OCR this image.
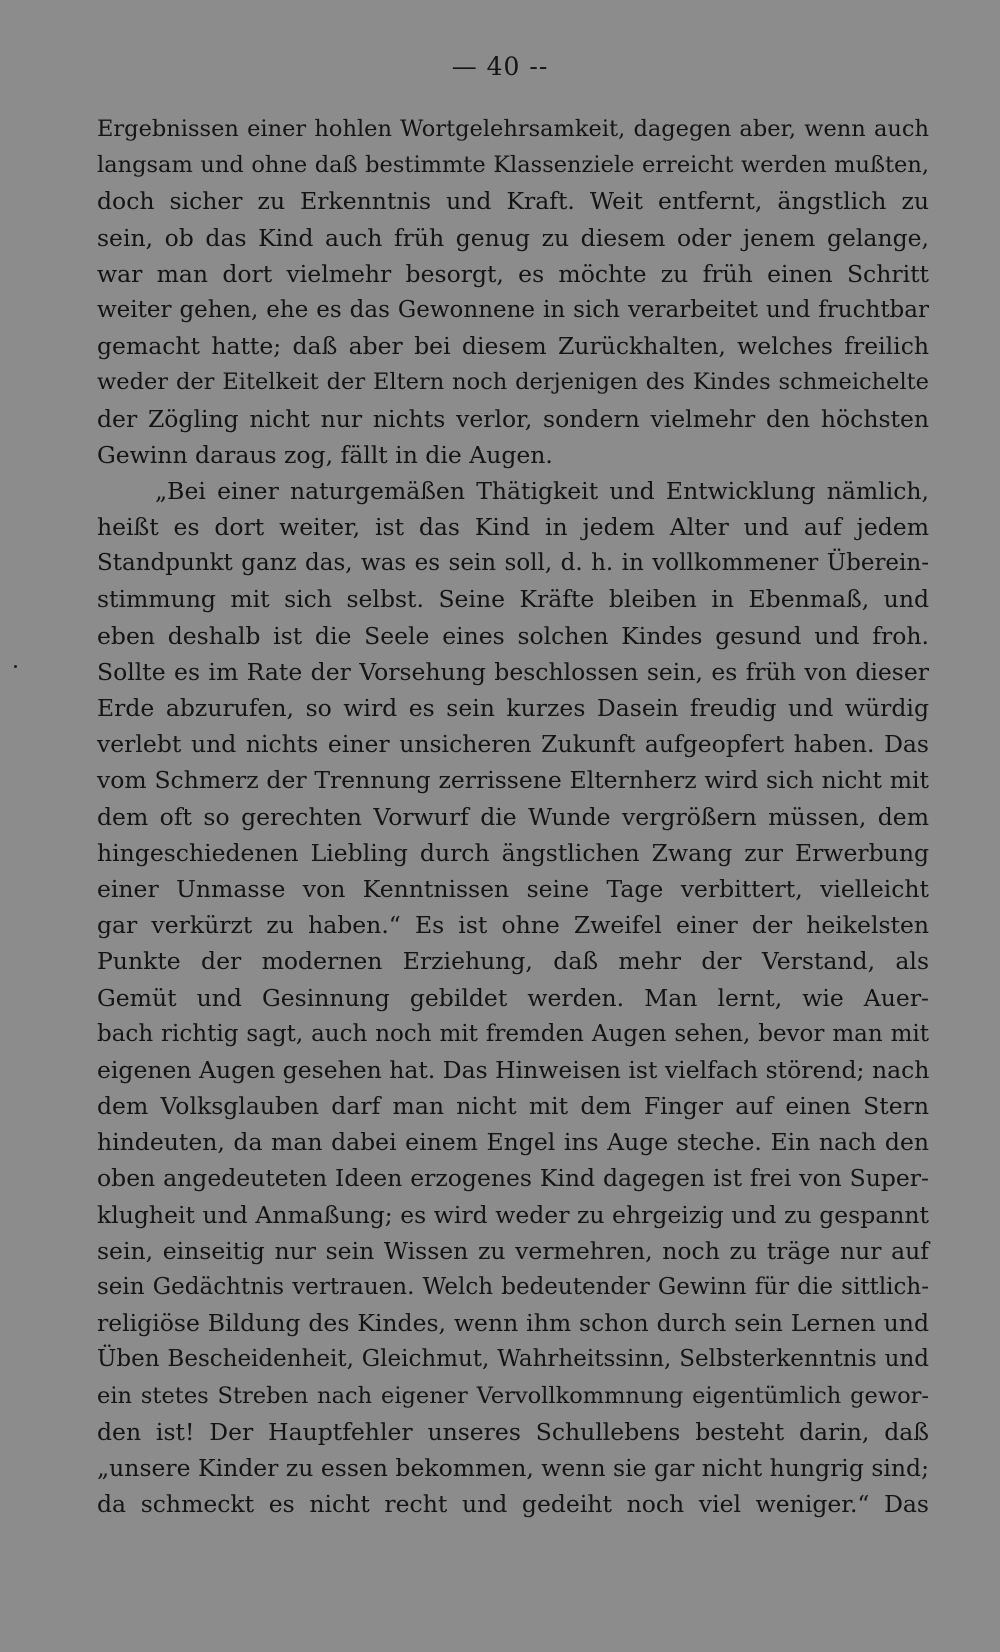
— 40 --
Ergebnissen einer hohlen Wortgelehrsamkeit, dagegen aber, wenn auch
langsam und ohne daß bestimmte Klassenziele erreicht werden mußten,
doch sicher zu Erkenntnis und Kraft. Weit entfernt, ängstlich zu
sein, ob das Kind auch früh genug zu diesem oder jenem gelange,
war man dort vielmehr besorgt, es möchte zu früh einen Schritt
weiter gehen, ehe es das Gewonnene in sich verarbeitet und fruchtbar
gemacht hatte; daß aber bei diesem Zurückhalten, welches freilich
weder der Eitelkeit der Eltern noch derjenigen des Kindes schmeichelte
der Zögling nicht nur nichts verlor, sondern vielmehr den höchsten
Gewinn daraus zog, fällt in die Augen.
„Bei einer naturgemäßen Thätigkeit und Entwicklung nämlich,
heißt es dort weiter, ist das Kind in jedem Alter und auf jedem
Standpunkt ganz das, was es sein soll, d. h. in vollkommener Überein-
stimmung mit sich selbst. Seine Kräfte bleiben in Ebenmaß, und
eben deshalb ist die Seele eines solchen Kindes gesund und froh.
Sollte es im Rate der Vorsehung beschlossen sein, es früh von dieser
Erde abzurufen, so wird es sein kurzes Dasein freudig und würdig
verlebt und nichts einer unsicheren Zukunft aufgeopfert haben. Das
vom Schmerz der Trennung zerrissene Elternherz wird sich nicht mit
dem oft so gerechten Vorwurf die Wunde vergrößern müssen, dem
hingeschiedenen Liebling durch ängstlichen Zwang zur Erwerbung
einer Unmasse von Kenntnissen seine Tage verbittert, vielleicht
gar verkürzt zu haben.“ Es ist ohne Zweifel einer der heikelsten
Punkte der modernen Erziehung, daß mehr der Verstand, als
Gemüt und Gesinnung gebildet werden. Man lernt, wie Auer-
bach richtig sagt, auch noch mit fremden Augen sehen, bevor man mit
eigenen Augen gesehen hat. Das Hinweisen ist vielfach störend; nach
dem Volksglauben darf man nicht mit dem Finger auf einen Stern
hindeuten, da man dabei einem Engel ins Auge steche. Ein nach den
oben angedeuteten Ideen erzogenes Kind dagegen ist frei von Super-
klugheit und Anmaßung; es wird weder zu ehrgeizig und zu gespannt
sein, einseitig nur sein Wissen zu vermehren, noch zu träge nur auf
sein Gedächtnis vertrauen. Welch bedeutender Gewinn für die sittlich-
religiöse Bildung des Kindes, wenn ihm schon durch sein Lernen und
Üben Bescheidenheit, Gleichmut, Wahrheitssinn, Selbsterkenntnis und
ein stetes Streben nach eigener Vervollkommnung eigentümlich gewor-
den ist! Der Hauptfehler unseres Schullebens besteht darin, daß
„unsere Kinder zu essen bekommen, wenn sie gar nicht hungrig sind;
da schmeckt es nicht recht und gedeiht noch viel weniger.“ Das
